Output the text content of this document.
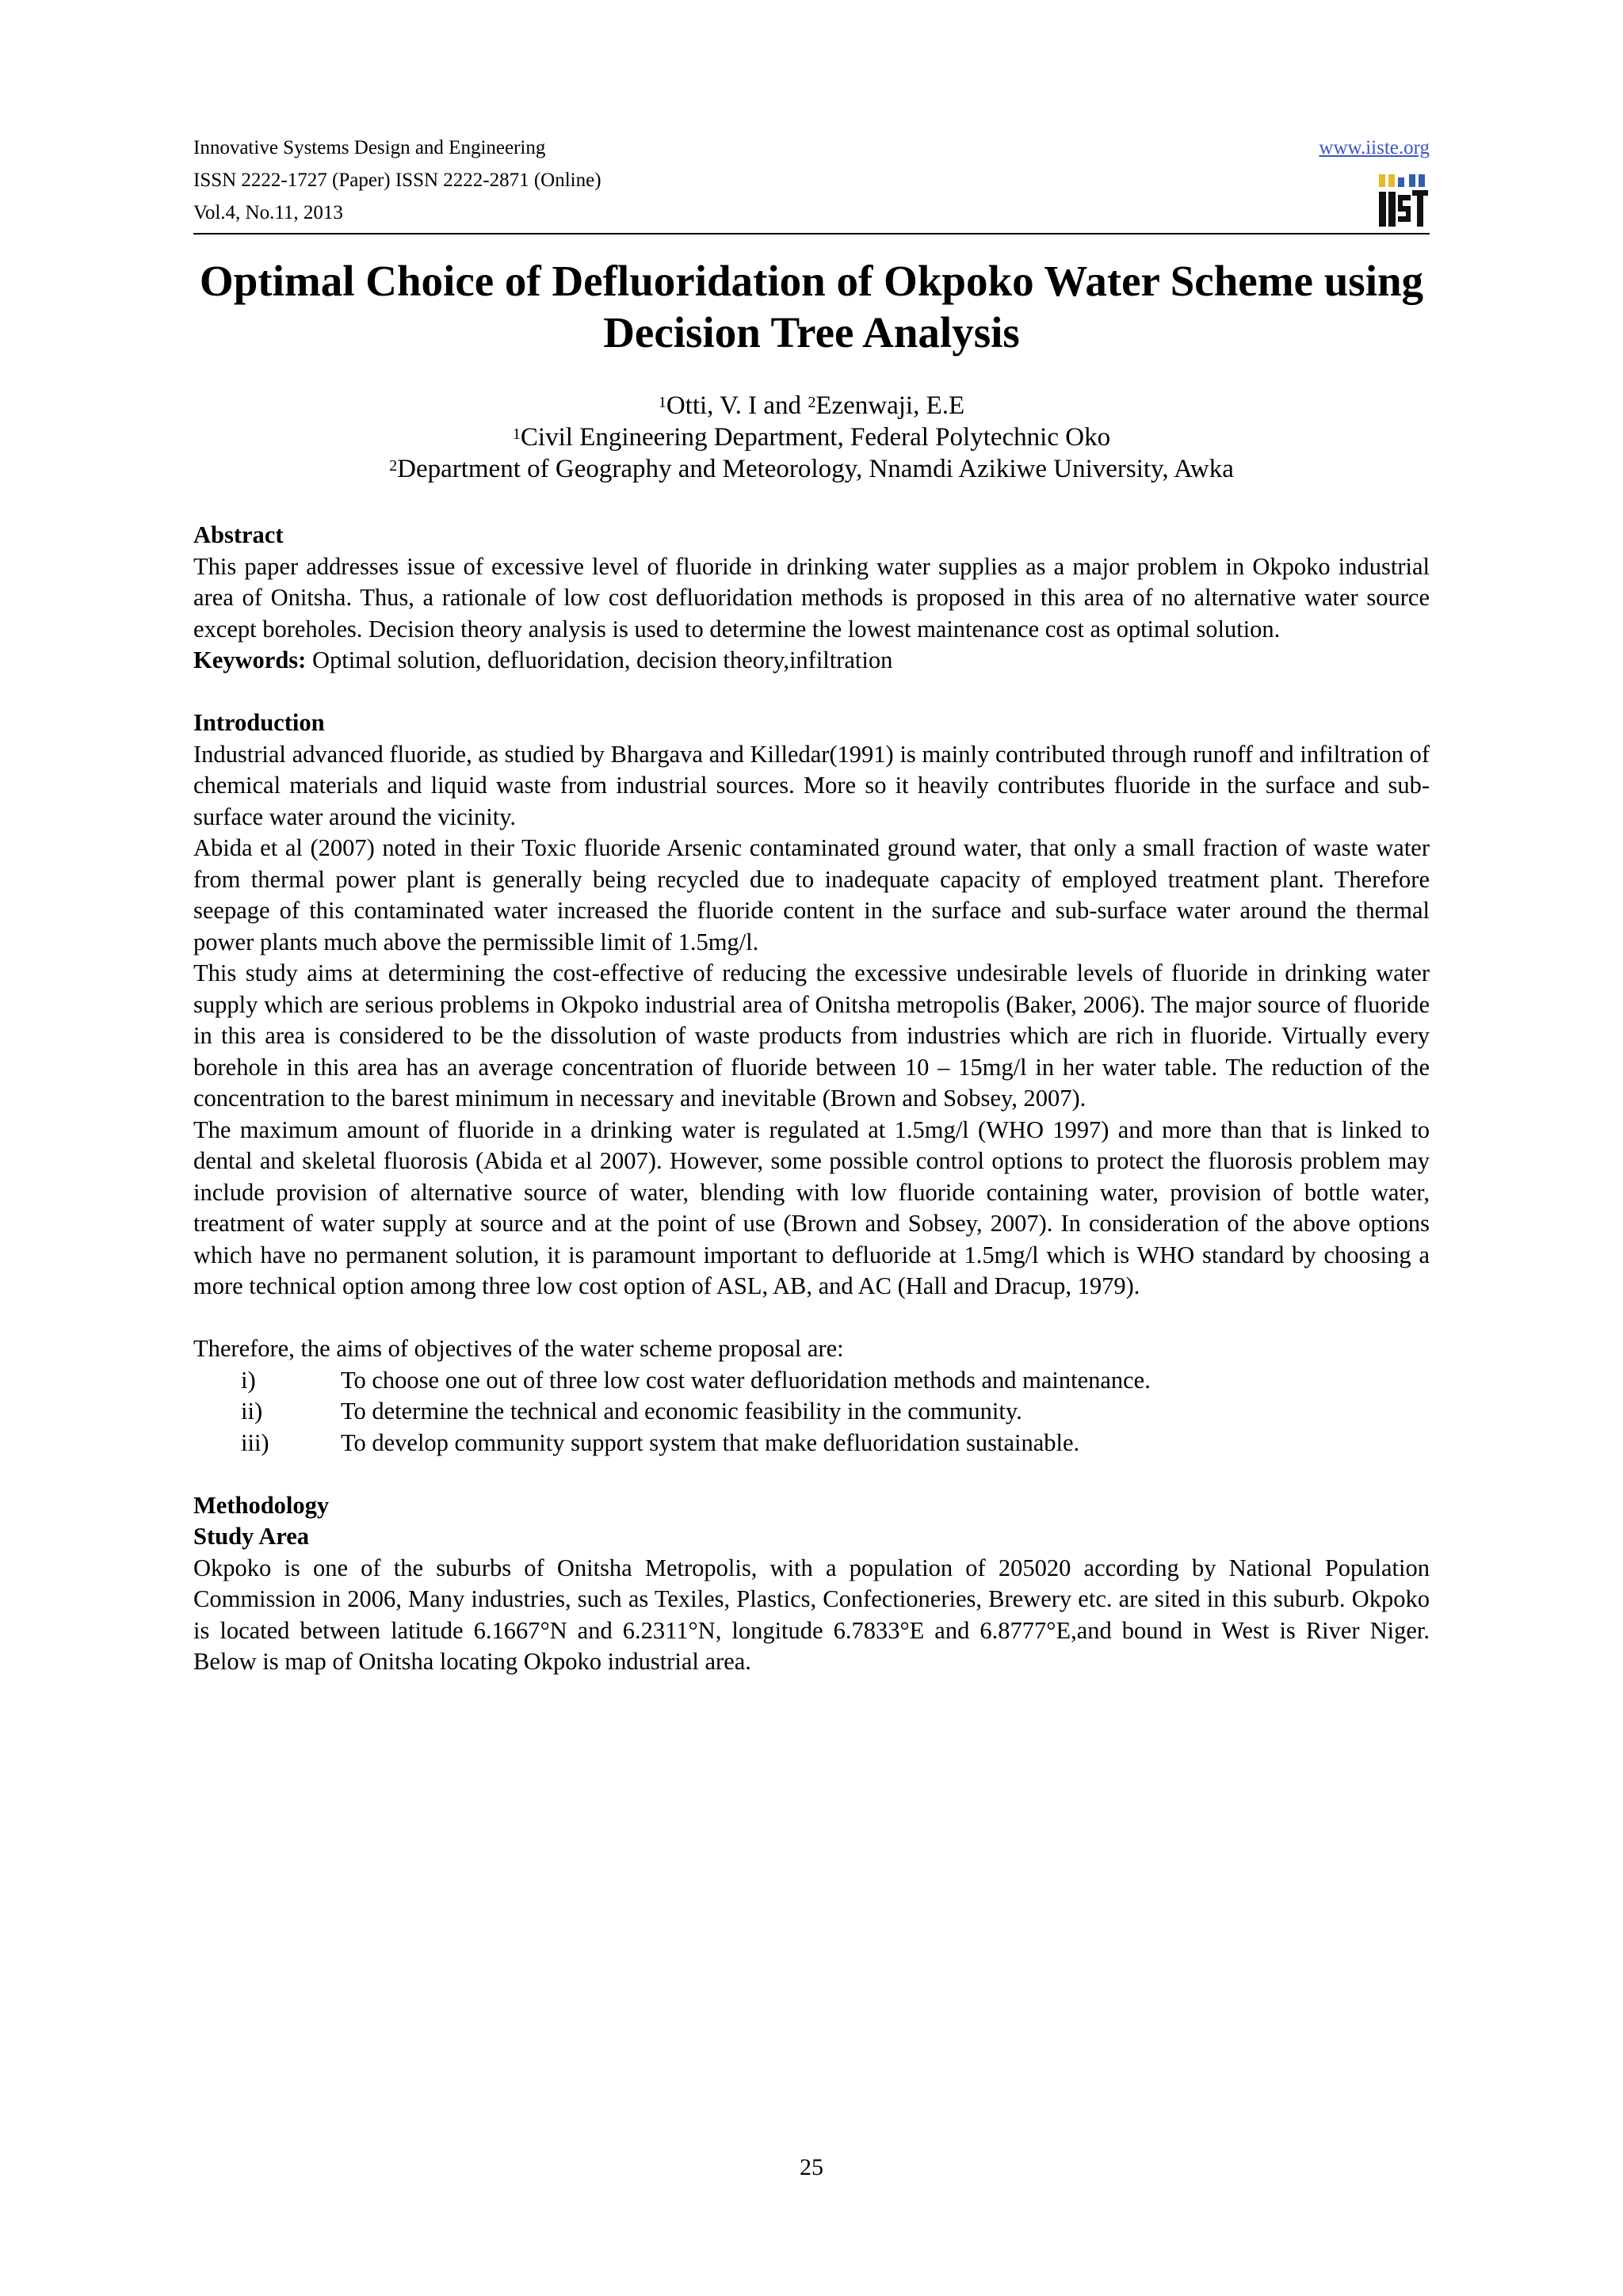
Innovative Systems Design and Engineering
ISSN 2222-1727 (Paper) ISSN 2222-2871 (Online)
Vol.4, No.11, 2013
www.iiste.org
Optimal Choice of Defluoridation of Okpoko Water Scheme using Decision Tree Analysis
$^1$Otti, V. I and $^2$Ezenwaji, E.E
$^1$Civil Engineering Department, Federal Polytechnic Oko
$^2$Department of Geography and Meteorology, Nnamdi Azikiwe University, Awka
Abstract
This paper addresses issue of excessive level of fluoride in drinking water supplies as a major problem in Okpoko industrial area of Onitsha. Thus, a rationale of low cost defluoridation methods is proposed in this area of no alternative water source except boreholes. Decision theory analysis is used to determine the lowest maintenance cost as optimal solution.
Keywords: Optimal solution, defluoridation, decision theory,infiltration
Introduction
Industrial advanced fluoride, as studied by Bhargava and Killedar(1991) is mainly contributed through runoff and infiltration of chemical materials and liquid waste from industrial sources. More so it heavily contributes fluoride in the surface and sub-surface water around the vicinity.
Abida et al (2007) noted in their Toxic fluoride Arsenic contaminated ground water, that only a small fraction of waste water from thermal power plant is generally being recycled due to inadequate capacity of employed treatment plant. Therefore seepage of this contaminated water increased the fluoride content in the surface and sub-surface water around the thermal power plants much above the permissible limit of 1.5mg/l.
This study aims at determining the cost-effective of reducing the excessive undesirable levels of fluoride in drinking water supply which are serious problems in Okpoko industrial area of Onitsha metropolis (Baker, 2006). The major source of fluoride in this area is considered to be the dissolution of waste products from industries which are rich in fluoride. Virtually every borehole in this area has an average concentration of fluoride between 10 – 15mg/l in her water table. The reduction of the concentration to the barest minimum in necessary and inevitable (Brown and Sobsey, 2007).
The maximum amount of fluoride in a drinking water is regulated at 1.5mg/l (WHO 1997) and more than that is linked to dental and skeletal fluorosis (Abida et al 2007). However, some possible control options to protect the fluorosis problem may include provision of alternative source of water, blending with low fluoride containing water, provision of bottle water, treatment of water supply at source and at the point of use (Brown and Sobsey, 2007). In consideration of the above options which have no permanent solution, it is paramount important to defluoride at 1.5mg/l which is WHO standard by choosing a more technical option among three low cost option of ASL, AB, and AC (Hall and Dracup, 1979).
Therefore, the aims of objectives of the water scheme proposal are:
i)	To choose one out of three low cost water defluoridation methods and maintenance.
ii)	To determine the technical and economic feasibility in the community.
iii)	To develop community support system that make defluoridation sustainable.
Methodology
Study Area
Okpoko is one of the suburbs of Onitsha Metropolis, with a population of 205020 according by National Population Commission in 2006, Many industries, such as Texiles, Plastics, Confectioneries, Brewery etc. are sited in this suburb. Okpoko is located between latitude 6.1667°N and 6.2311°N, longitude 6.7833°E and 6.8777°E,and bound in West is River Niger. Below is map of Onitsha locating Okpoko industrial area.
25
